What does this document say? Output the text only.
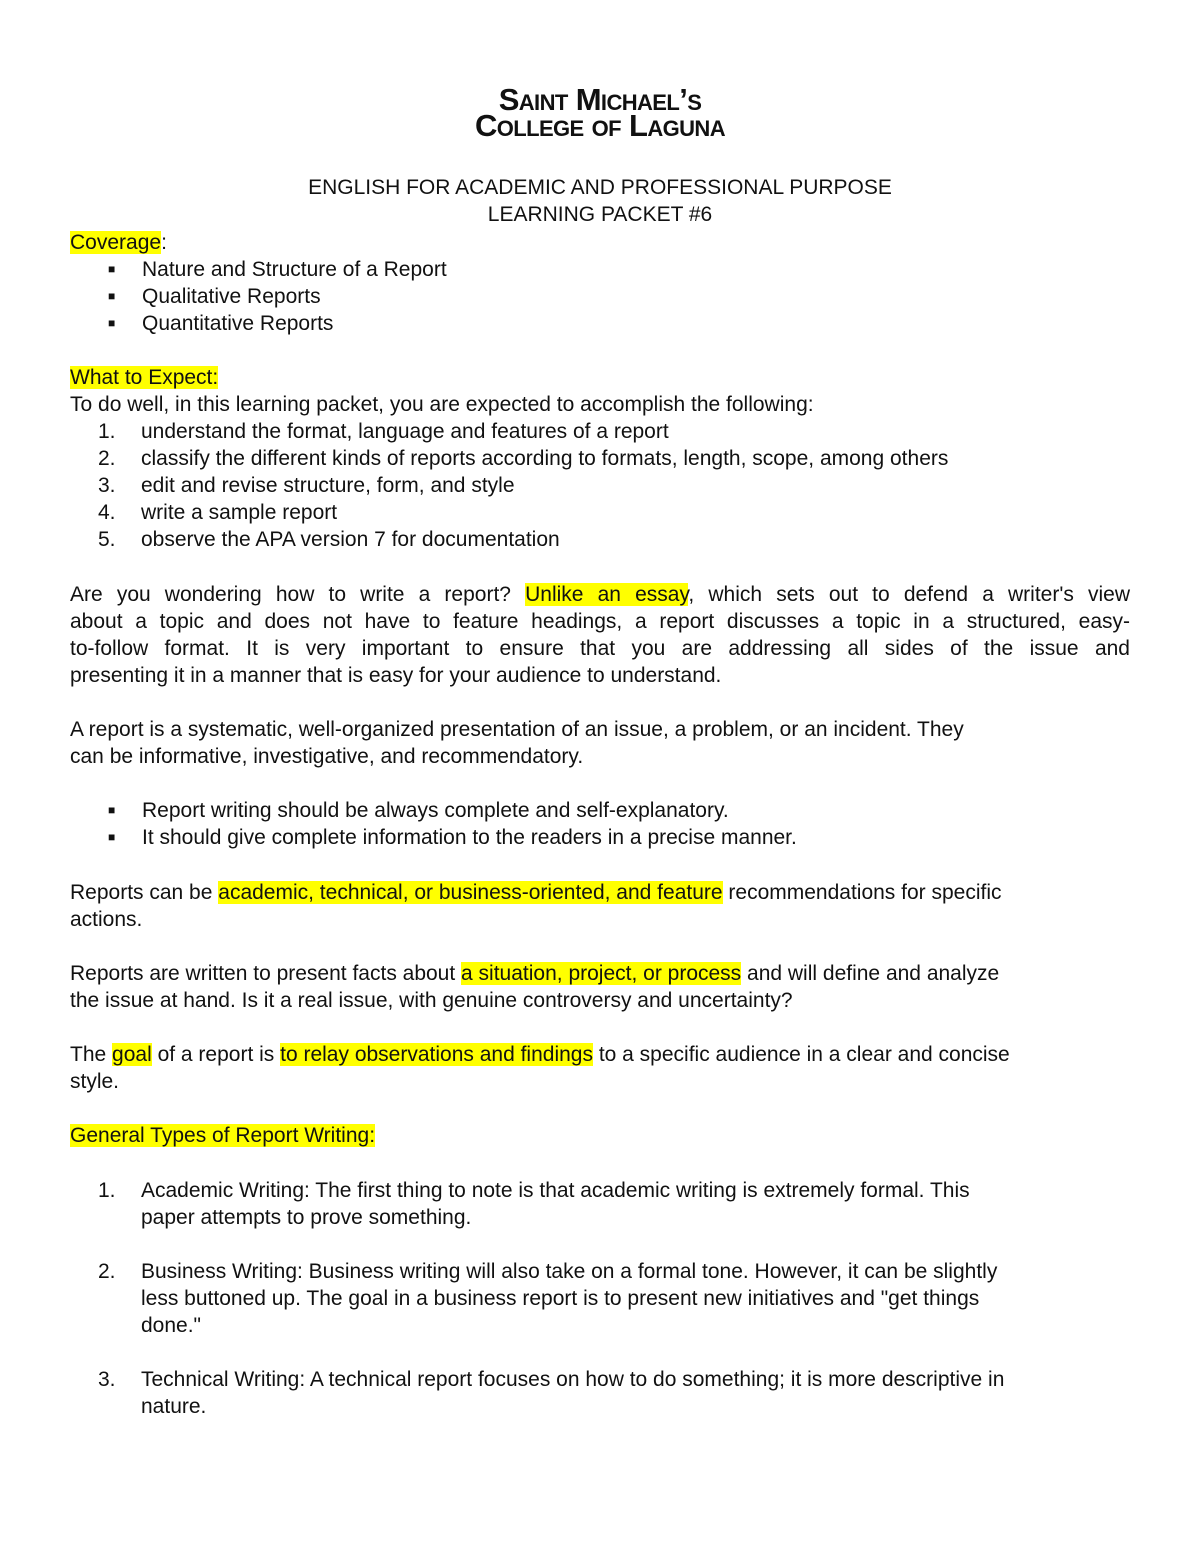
Saint Michael’s
College of Laguna
ENGLISH FOR ACADEMIC AND PROFESSIONAL PURPOSE
LEARNING PACKET #6
Coverage:
■ Nature and Structure of a Report
■ Qualitative Reports
■ Quantitative Reports
What to Expect:
To do well, in this learning packet, you are expected to accomplish the following:
1. understand the format, language and features of a report
2. classify the different kinds of reports according to formats, length, scope, among others
3. edit and revise structure, form, and style
4. write a sample report
5. observe the APA version 7 for documentation
Are you wondering how to write a report? Unlike an essay, which sets out to defend a writer's view
about a topic and does not have to feature headings, a report discusses a topic in a structured, easy-
to-follow format. It is very important to ensure that you are addressing all sides of the issue and
presenting it in a manner that is easy for your audience to understand.
A report is a systematic, well-organized presentation of an issue, a problem, or an incident. They
can be informative, investigative, and recommendatory.
■ Report writing should be always complete and self-explanatory.
■ It should give complete information to the readers in a precise manner.
Reports can be academic, technical, or business-oriented, and feature recommendations for specific
actions.
Reports are written to present facts about a situation, project, or process and will define and analyze
the issue at hand. Is it a real issue, with genuine controversy and uncertainty?
The goal of a report is to relay observations and findings to a specific audience in a clear and concise
style.
General Types of Report Writing:
1. Academic Writing: The first thing to note is that academic writing is extremely formal. This
paper attempts to prove something.
2. Business Writing: Business writing will also take on a formal tone. However, it can be slightly
less buttoned up. The goal in a business report is to present new initiatives and "get things
done."
3. Technical Writing: A technical report focuses on how to do something; it is more descriptive in
nature.
